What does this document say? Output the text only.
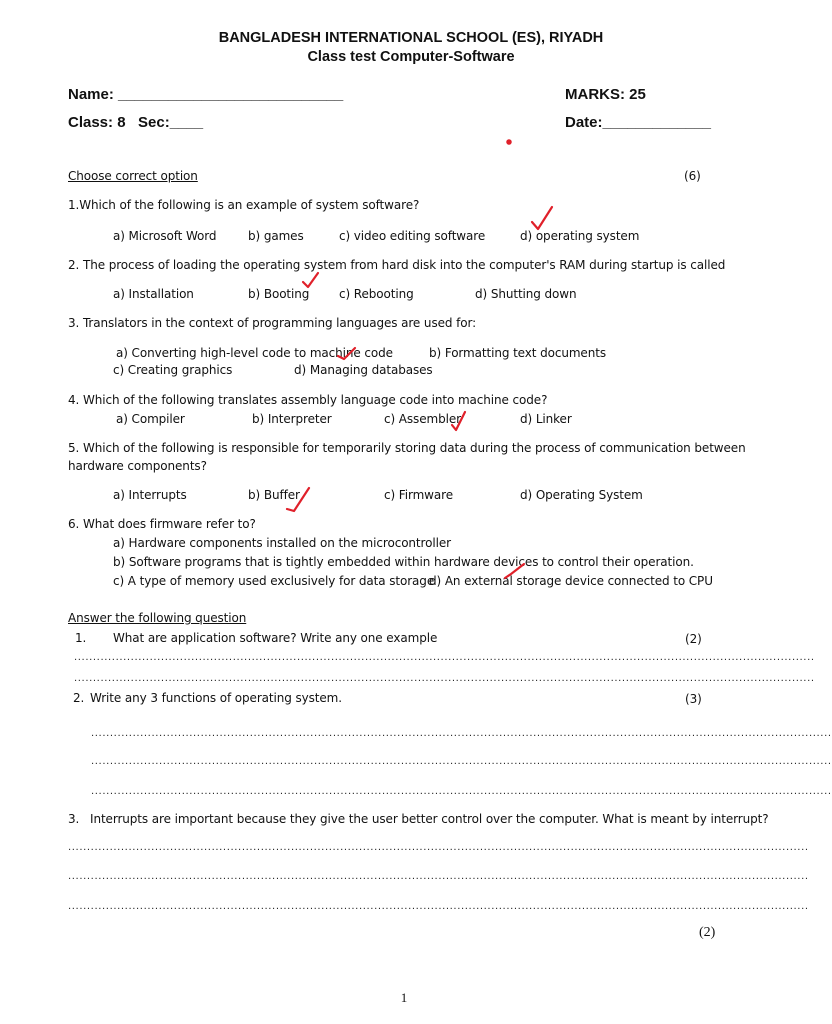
BANGLADESH INTERNATIONAL SCHOOL (ES), RIYADH
Class test Computer-Software
Name: ___________________________	MARKS: 25
Class: 8   Sec:____	Date:_____________
Choose correct option	(6)
1.Which of the following is an example of system software?
a) Microsoft Word	b) games	c) video editing software	d) operating system
2. The process of loading the operating system from hard disk into the computer's RAM during startup is called
a) Installation	b) Booting c) Rebooting	d) Shutting down
3. Translators in the context of programming languages are used for:
a) Converting high-level code to machine code	b) Formatting text documents
c) Creating graphics	d) Managing databases
4. Which of the following translates assembly language code into machine code?
a) Compiler	b) Interpreter	c) Assembler	d) Linker
5. Which of the following is responsible for temporarily storing data during the process of communication between
hardware components?
a) Interrupts	b) Buffer	c) Firmware	d) Operating System
6. What does firmware refer to?
a) Hardware components installed on the microcontroller
b) Software programs that is tightly embedded within hardware devices to control their operation.
c) A type of memory used exclusively for data storage
d) An external storage device connected to CPU
Answer the following question
1. What are application software? Write any one example	(2)
....................................................................................................................................................................................................
....................................................................................................................................................................................................
2. Write any 3 functions of operating system.	(3)
....................................................................................................................................................................................................
....................................................................................................................................................................................................
....................................................................................................................................................................................................
3. Interrupts are important because they give the user better control over the computer. What is meant by interrupt?
....................................................................................................................................................................................................
....................................................................................................................................................................................................
....................................................................................................................................................................................................
(2)
1
